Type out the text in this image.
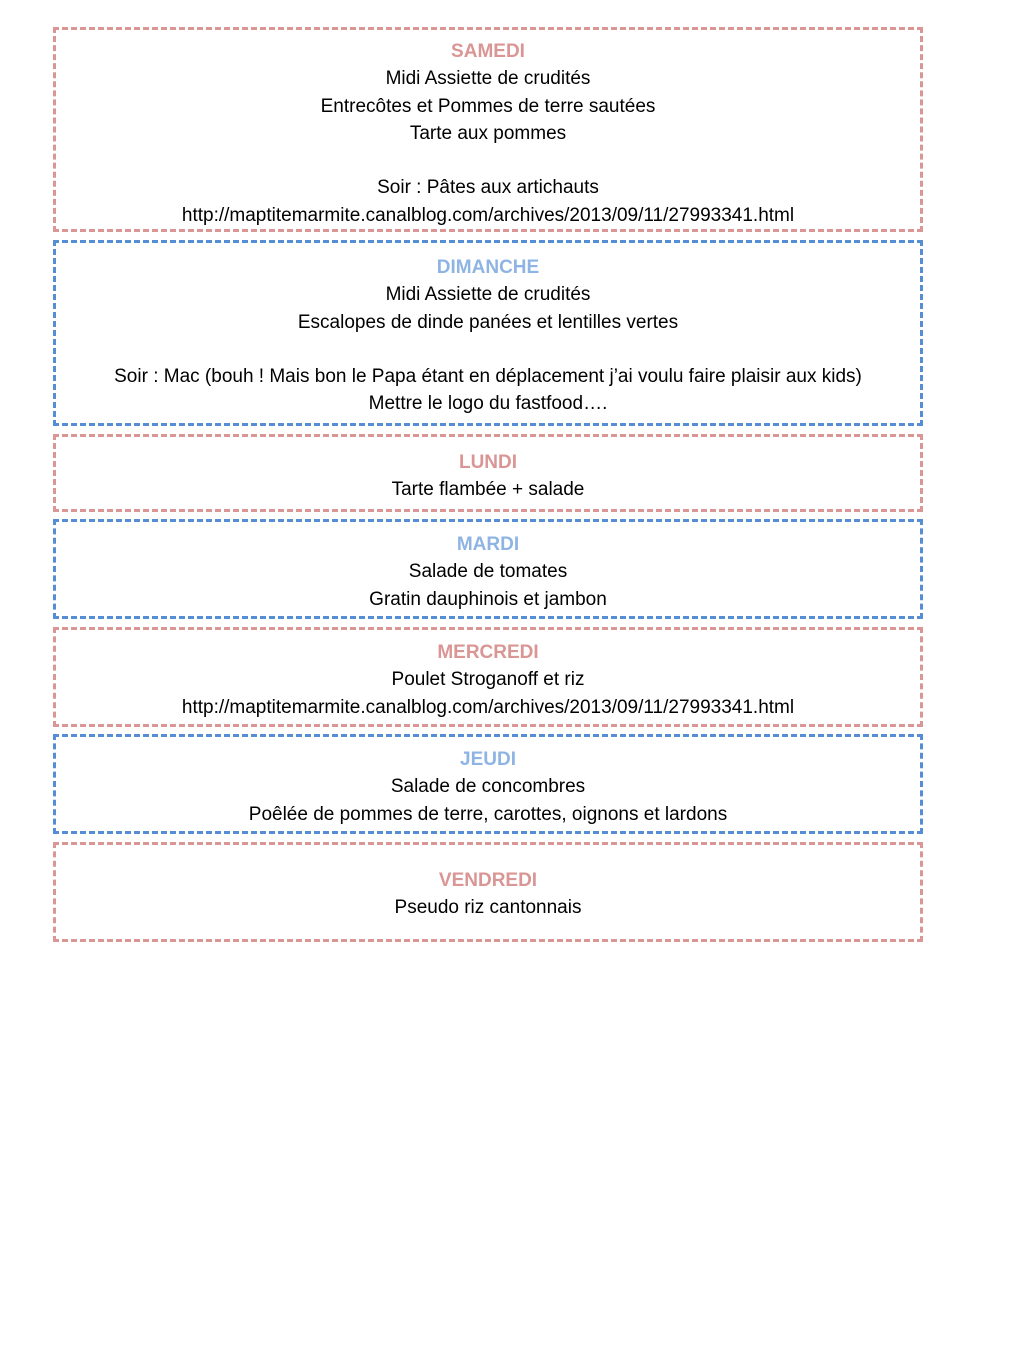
SAMEDI
Midi Assiette de crudités
Entrecôtes et Pommes de terre sautées
Tarte aux pommes
Soir : Pâtes aux artichauts
http://maptitemarmite.canalblog.com/archives/2013/09/11/27993341.html
DIMANCHE
Midi Assiette de crudités
Escalopes de dinde panées et lentilles vertes
Soir : Mac (bouh ! Mais bon le Papa étant en déplacement j’ai voulu faire plaisir aux kids)
Mettre le logo du fastfood….
LUNDI
Tarte flambée + salade
MARDI
Salade de tomates
Gratin dauphinois et jambon
MERCREDI
Poulet Stroganoff et riz
http://maptitemarmite.canalblog.com/archives/2013/09/11/27993341.html
JEUDI
Salade de concombres
Poêlée de pommes de terre, carottes, oignons et lardons
VENDREDI
Pseudo riz cantonnais
